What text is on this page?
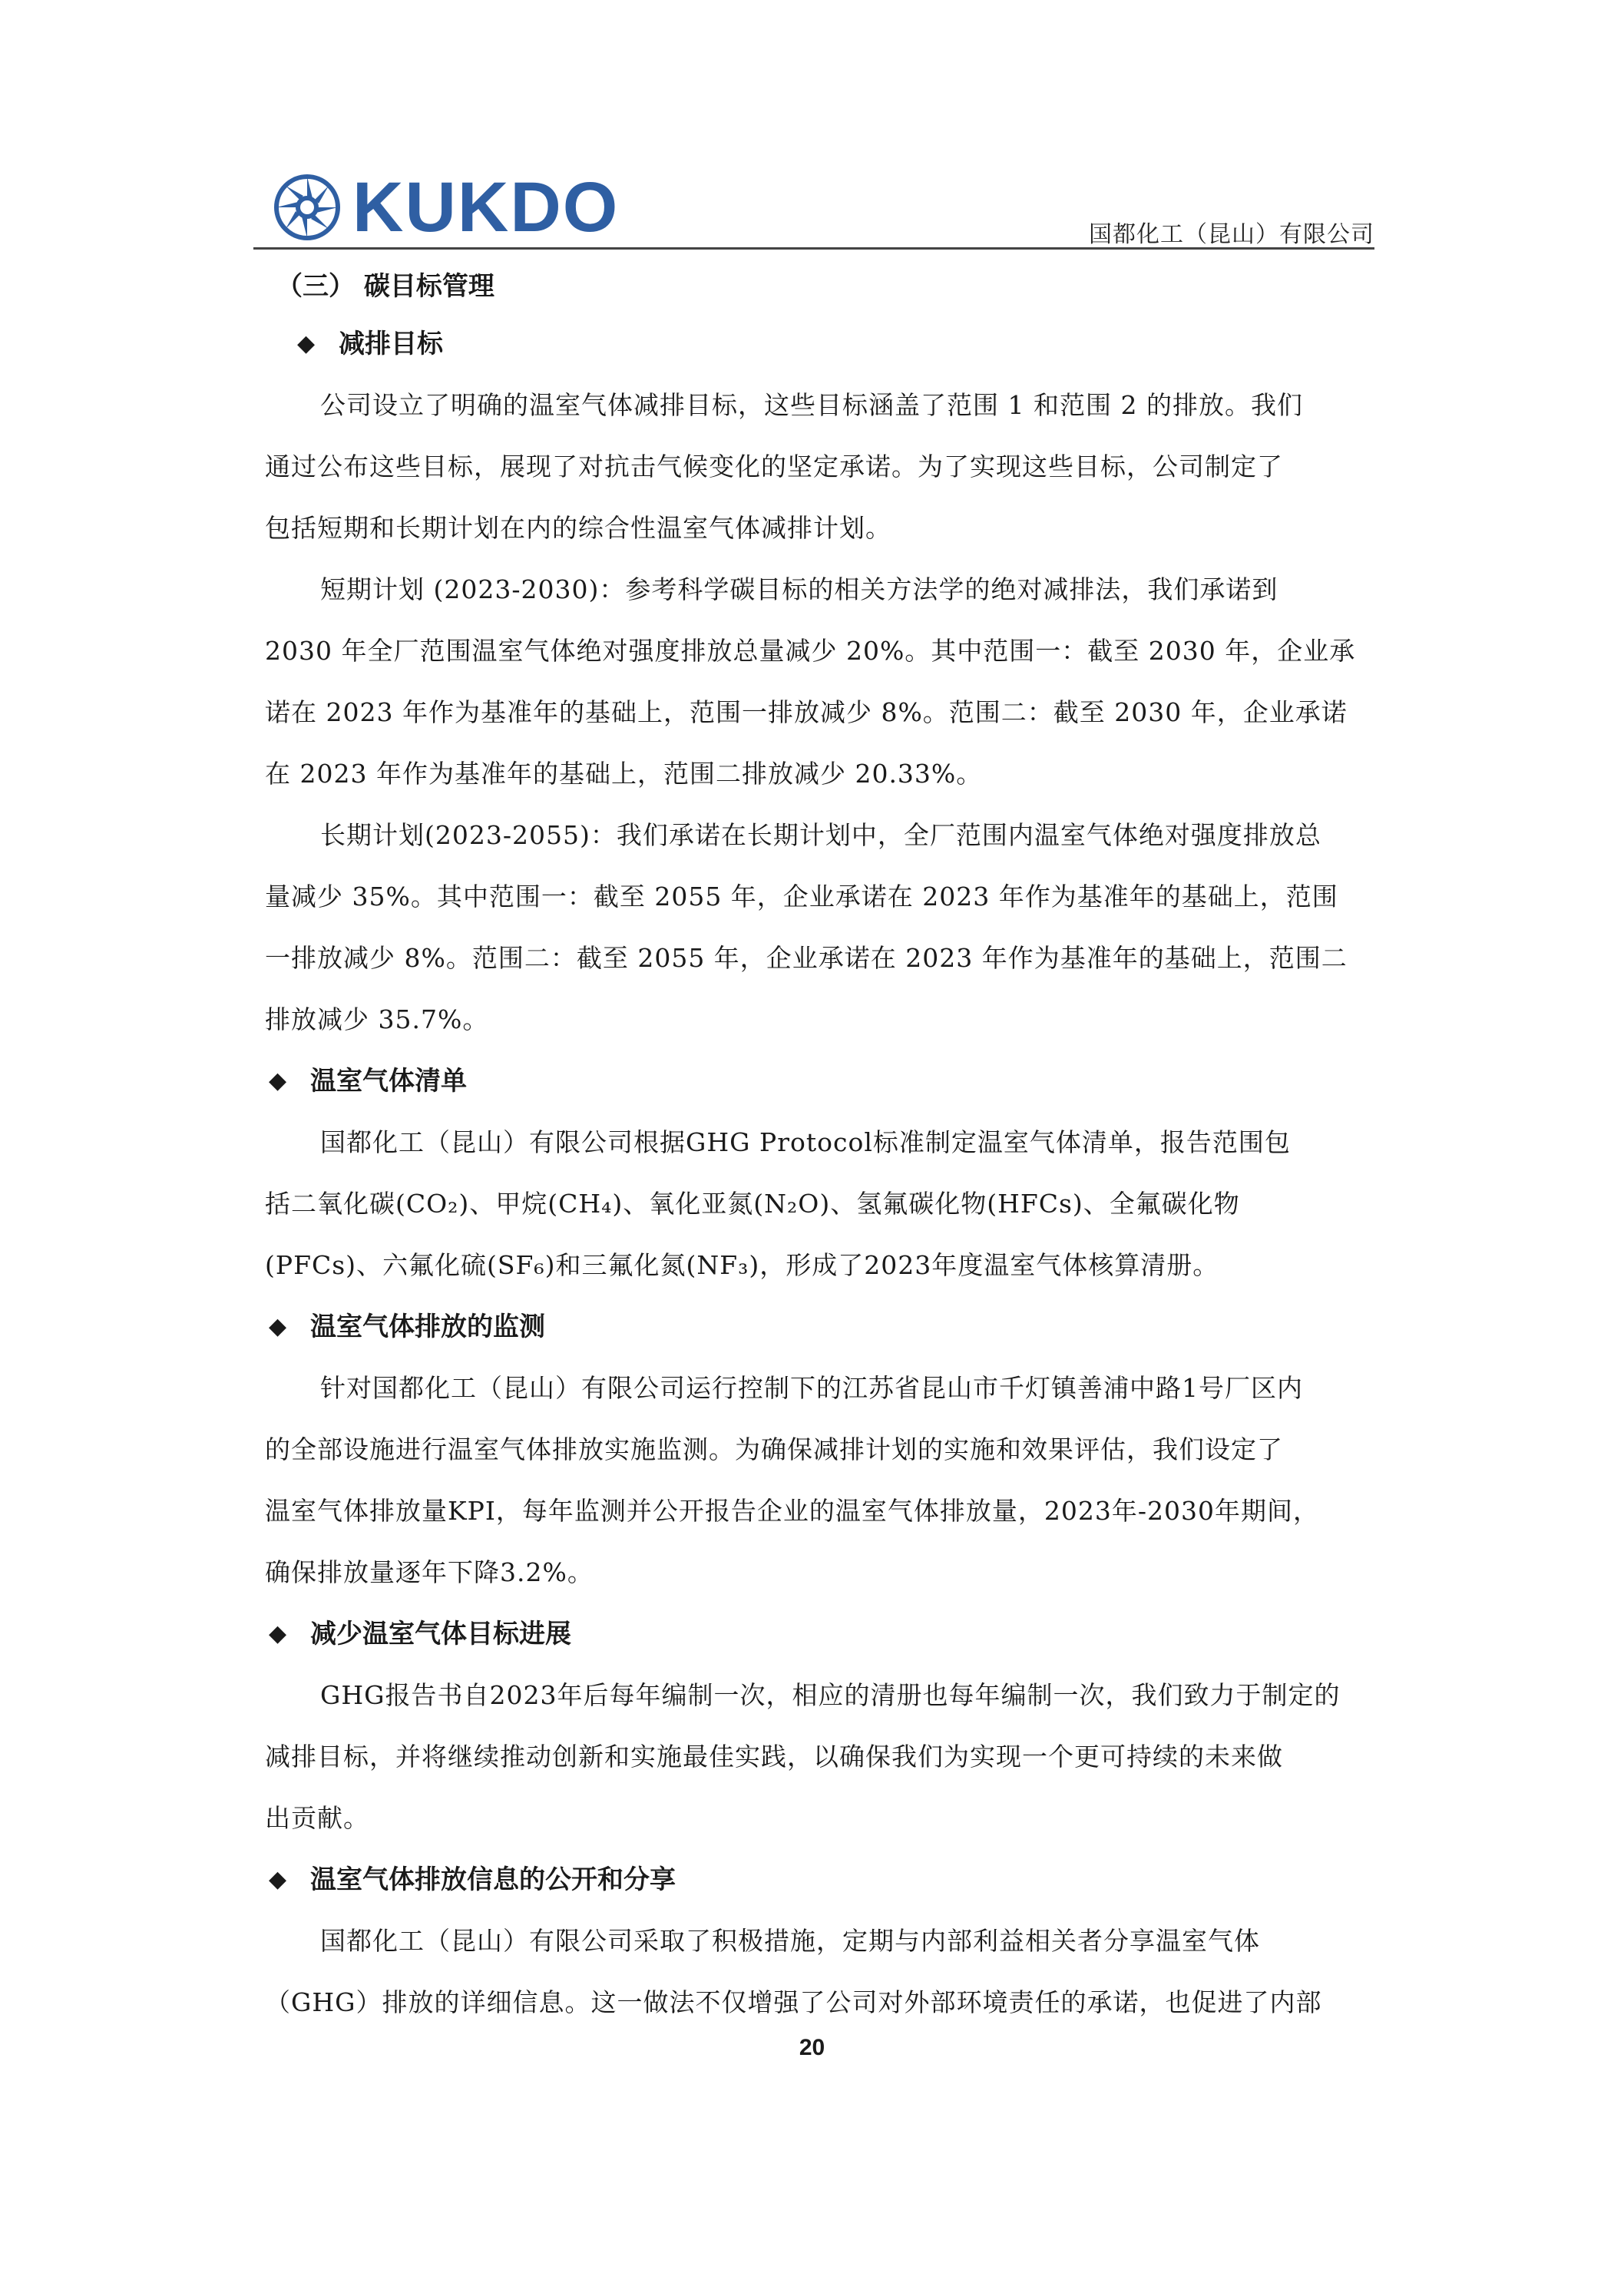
KUKDO	国都化工（昆山）有限公司
（三） 碳目标管理
◆ 减排目标
公司设立了明确的温室气体减排目标，这些目标涵盖了范围 1 和范围 2 的排放。我们
通过公布这些目标，展现了对抗击气候变化的坚定承诺。为了实现这些目标，公司制定了
包括短期和长期计划在内的综合性温室气体减排计划。
短期计划 (2023-2030)：参考科学碳目标的相关方法学的绝对减排法，我们承诺到
2030 年全厂范围温室气体绝对强度排放总量减少 20%。其中范围一：截至 2030 年，企业承
诺在 2023 年作为基准年的基础上，范围一排放减少 8%。范围二：截至 2030 年，企业承诺
在 2023 年作为基准年的基础上，范围二排放减少 20.33%。
长期计划(2023-2055)：我们承诺在长期计划中，全厂范围内温室气体绝对强度排放总
量减少 35%。其中范围一：截至 2055 年，企业承诺在 2023 年作为基准年的基础上，范围
一排放减少 8%。范围二：截至 2055 年，企业承诺在 2023 年作为基准年的基础上，范围二
排放减少 35.7%。
◆ 温室气体清单
国都化工（昆山）有限公司根据GHG Protocol标准制定温室气体清单，报告范围包
括二氧化碳(CO₂)、甲烷(CH₄)、氧化亚氮(N₂O)、氢氟碳化物(HFCs)、全氟碳化物
(PFCs)、六氟化硫(SF₆)和三氟化氮(NF₃)，形成了2023年度温室气体核算清册。
◆ 温室气体排放的监测
针对国都化工（昆山）有限公司运行控制下的江苏省昆山市千灯镇善浦中路1号厂区内
的全部设施进行温室气体排放实施监测。为确保减排计划的实施和效果评估，我们设定了
温室气体排放量KPI，每年监测并公开报告企业的温室气体排放量，2023年-2030年期间，
确保排放量逐年下降3.2%。
◆ 减少温室气体目标进展
GHG报告书自2023年后每年编制一次，相应的清册也每年编制一次，我们致力于制定的
减排目标，并将继续推动创新和实施最佳实践，以确保我们为实现一个更可持续的未来做
出贡献。
◆ 温室气体排放信息的公开和分享
国都化工（昆山）有限公司采取了积极措施，定期与内部利益相关者分享温室气体
（GHG）排放的详细信息。这一做法不仅增强了公司对外部环境责任的承诺，也促进了内部
20
